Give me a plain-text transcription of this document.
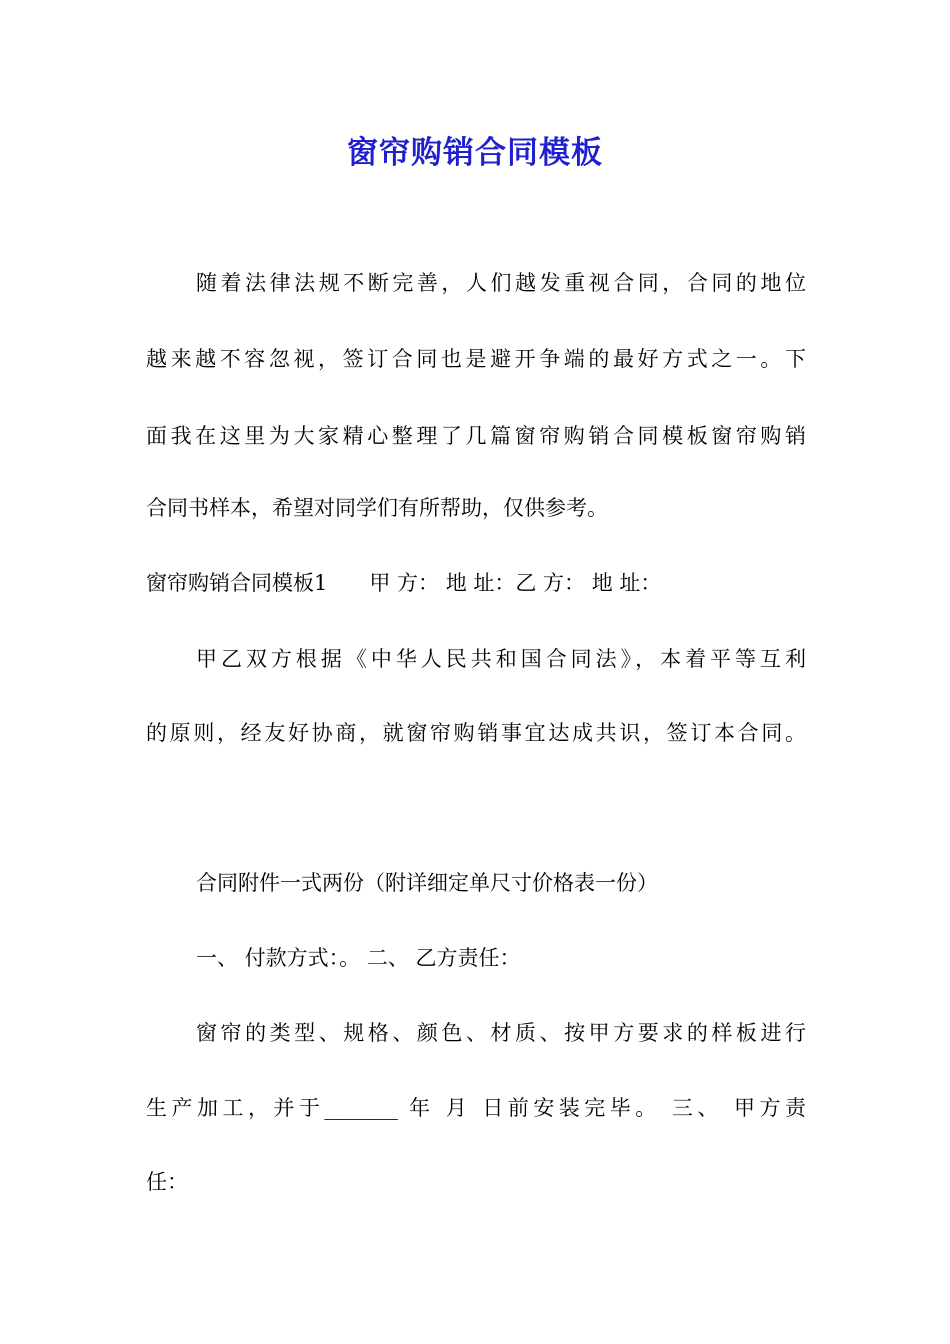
窗帘购销合同模板

随着法律法规不断完善，人们越发重视合同，合同的地位

越来越不容忽视，签订合同也是避开争端的最好方式之一。下

面我在这里为大家精心整理了几篇窗帘购销合同模板窗帘购销

合同书样本，希望对同学们有所帮助，仅供参考。

窗帘购销合同模板1　　甲 方： 地 址：乙 方： 地 址：

甲乙双方根据《中华人民共和国合同法》，本着平等互利

的原则，经友好协商，就窗帘购销事宜达成共识，签订本合同。

合同附件一式两份（附详细定单尺寸价格表一份）

一、 付款方式：。 二、 乙方责任：

窗帘的类型、规格、颜色、材质、按甲方要求的样板进行

生产加工，并于_______ 年 月 日前安装完毕。 三、 甲方责

任：
